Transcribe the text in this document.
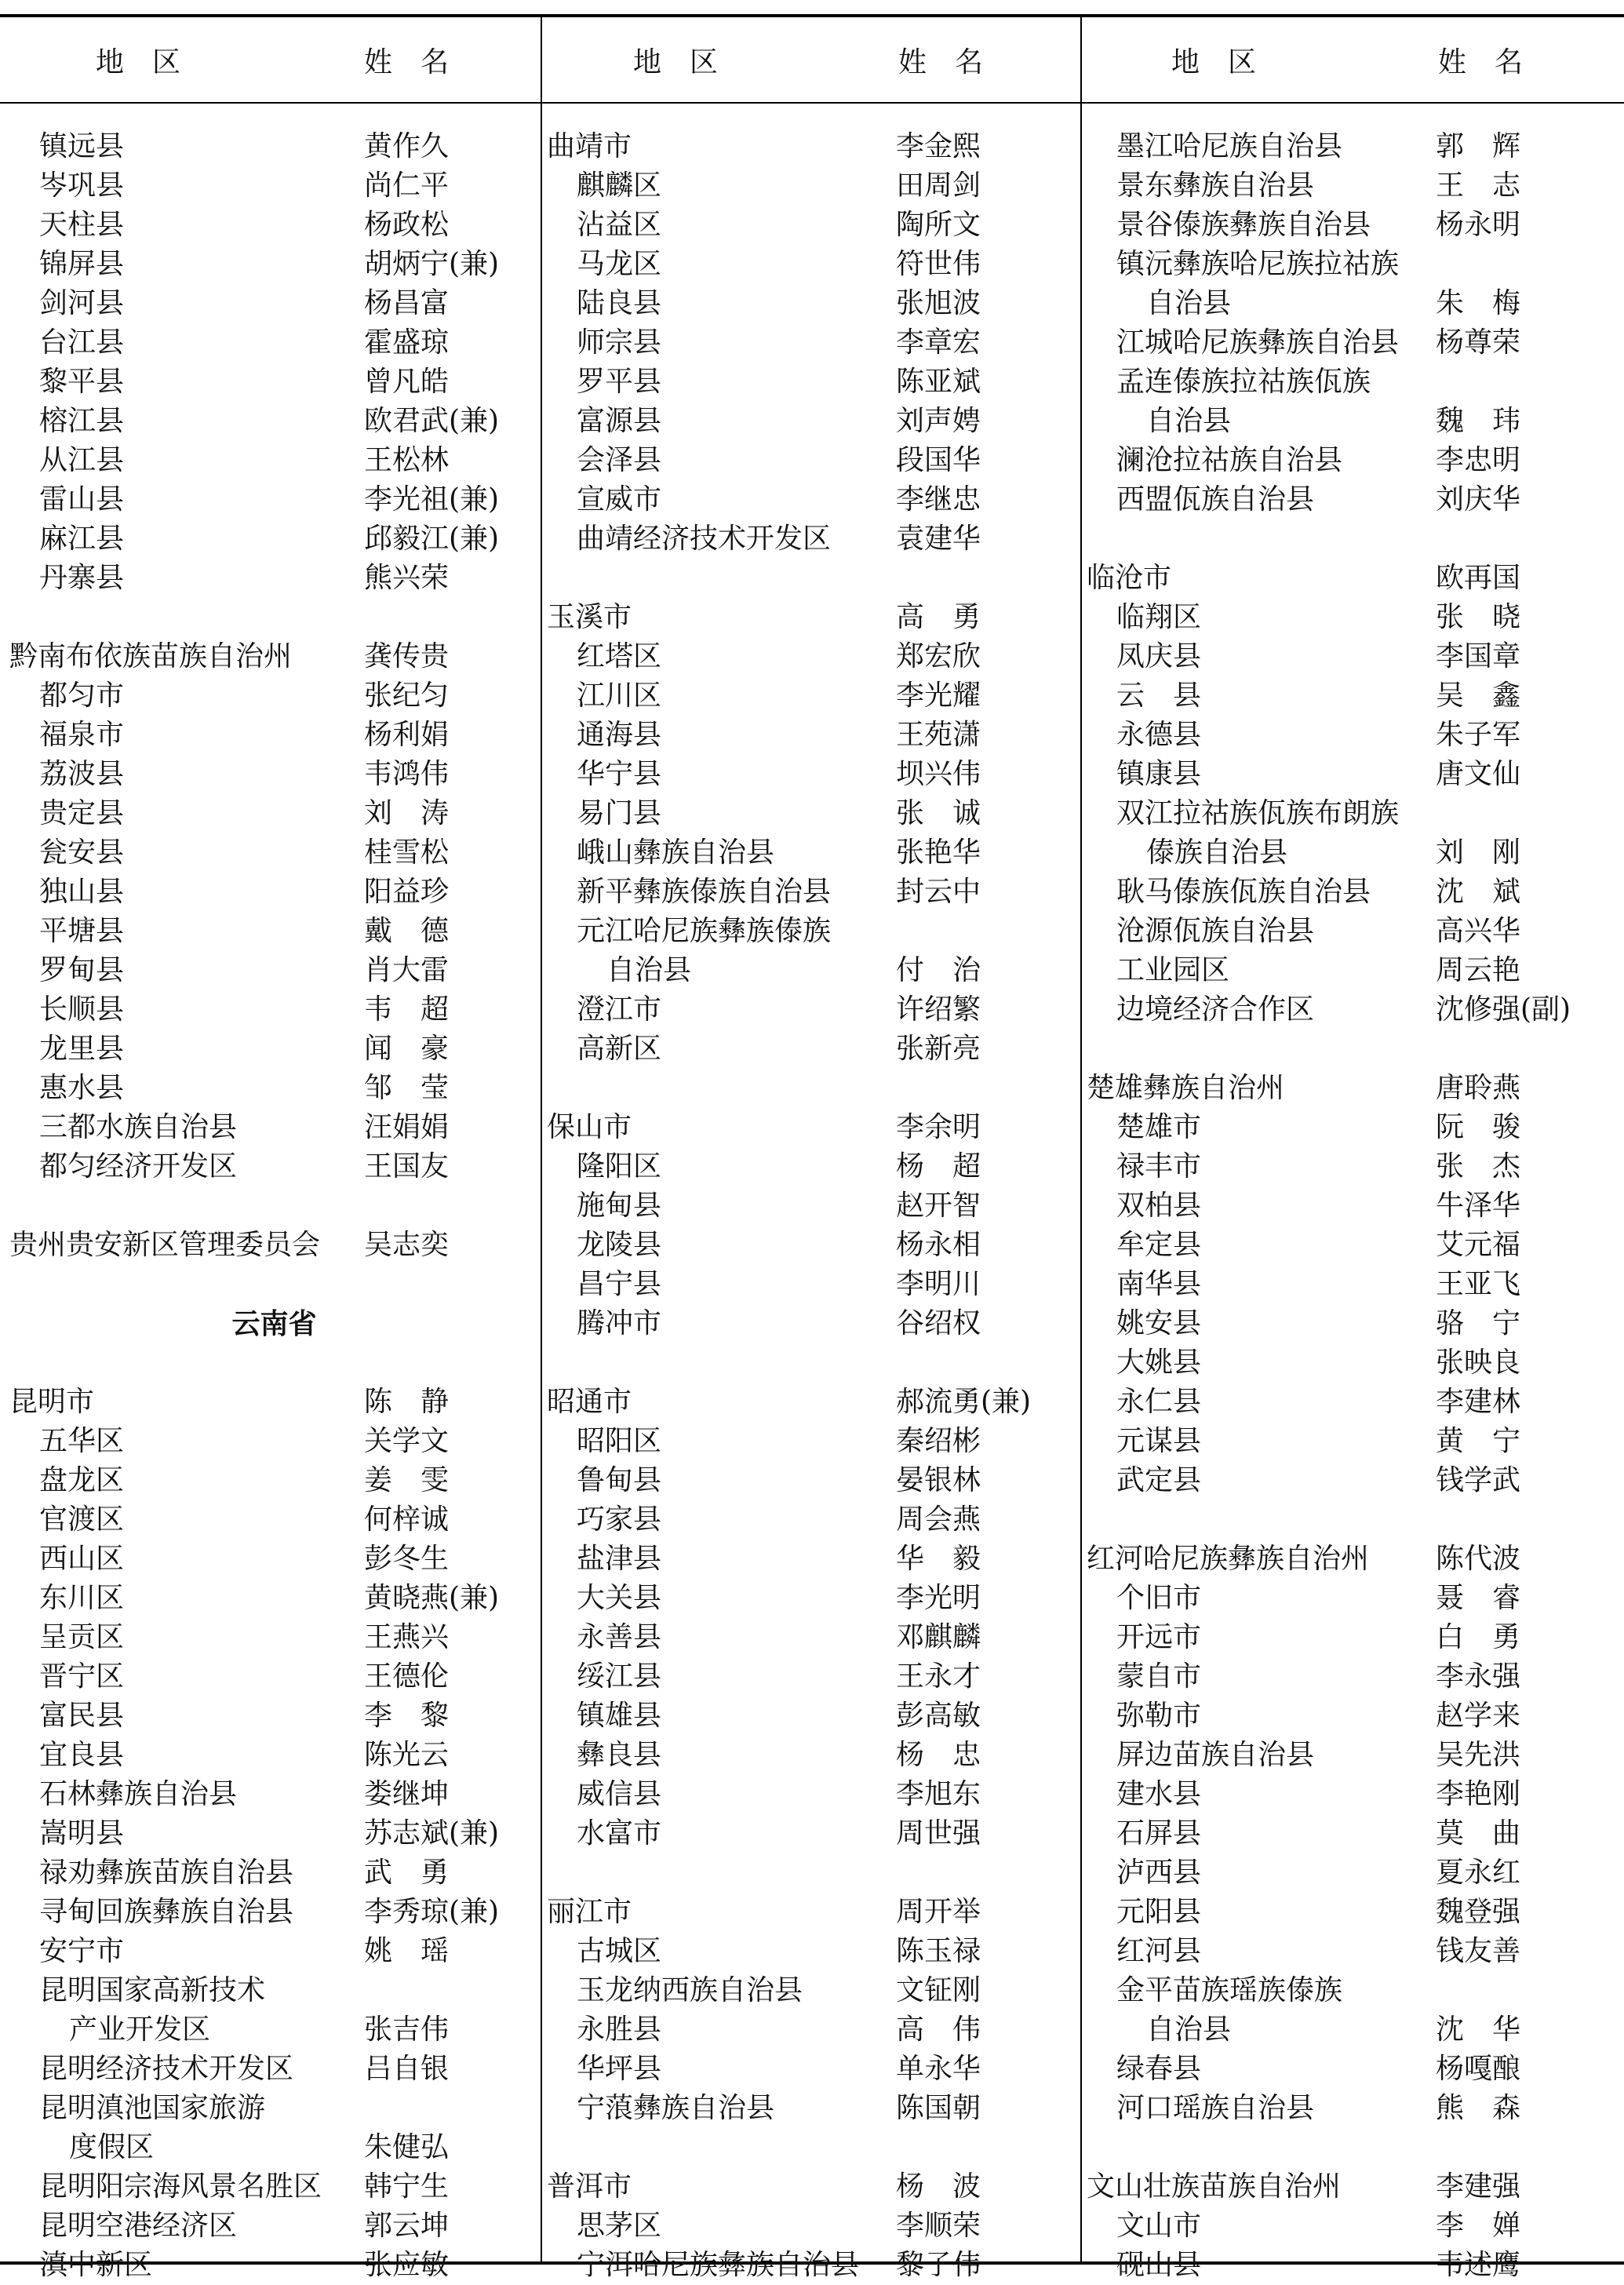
地　区	姓　名
镇远县	黄作久
岑巩县	尚仁平
天柱县	杨政松
锦屏县	胡炳宁(兼)
剑河县	杨昌富
台江县	霍盛琼
黎平县	曾凡皓
榕江县	欧君武(兼)
从江县	王松林
雷山县	李光祖(兼)
麻江县	邱毅江(兼)
丹寨县	熊兴荣
黔南布依族苗族自治州	龚传贵
都匀市	张纪匀
福泉市	杨利娟
荔波县	韦鸿伟
贵定县	刘　涛
瓮安县	桂雪松
独山县	阳益珍
平塘县	戴　德
罗甸县	肖大雷
长顺县	韦　超
龙里县	闻　豪
惠水县	邹　莹
三都水族自治县	汪娟娟
都匀经济开发区	王国友
贵州贵安新区管理委员会 吴志奕
云南省
昆明市	陈　静
五华区	关学文
盘龙区	姜　雯
官渡区	何梓诚
西山区	彭冬生
东川区	黄晓燕(兼)
呈贡区	王燕兴
晋宁区	王德伦
富民县	李　黎
宜良县	陈光云
石林彝族自治县	娄继坤
嵩明县	苏志斌(兼)
禄劝彝族苗族自治县 武　勇
寻甸回族彝族自治县 李秀琼(兼)
安宁市	姚　瑶
昆明国家高新技术
产业开发区	张吉伟
昆明经济技术开发区 吕自银
昆明滇池国家旅游
度假区	朱健弘
昆明阳宗海风景名胜区 韩宁生
昆明空港经济区	郭云坤
滇中新区	张应敏
地　区	姓　名
曲靖市	李金熙
麒麟区	田周剑
沾益区	陶所文
马龙区	符世伟
陆良县	张旭波
师宗县	李章宏
罗平县	陈亚斌
富源县	刘声娉
会泽县	段国华
宣威市	李继忠
曲靖经济技术开发区 袁建华
玉溪市	高　勇
红塔区	郑宏欣
江川区	李光耀
通海县	王苑潇
华宁县	坝兴伟
易门县	张　诚
峨山彝族自治县	张艳华
新平彝族傣族自治县 封云中
元江哈尼族彝族傣族
自治县	付　治
澄江市	许绍繁
高新区	张新亮
保山市	李余明
隆阳区	杨　超
施甸县	赵开智
龙陵县	杨永相
昌宁县	李明川
腾冲市	谷绍权
昭通市	郝流勇(兼)
昭阳区	秦绍彬
鲁甸县	晏银林
巧家县	周会燕
盐津县	华　毅
大关县	李光明
永善县	邓麒麟
绥江县	王永才
镇雄县	彭高敏
彝良县	杨　忠
威信县	李旭东
水富市	周世强
丽江市	周开举
古城区	陈玉禄
玉龙纳西族自治县	文钲刚
永胜县	高　伟
华坪县	单永华
宁蒗彝族自治县	陈国朝
普洱市	杨　波
思茅区	李顺荣
宁洱哈尼族彝族自治县 黎子伟
地　区	姓　名
墨江哈尼族自治县	郭　辉
景东彝族自治县	王　志
景谷傣族彝族自治县 杨永明
镇沅彝族哈尼族拉祜族
自治县	朱　梅
江城哈尼族彝族自治县 杨尊荣
孟连傣族拉祜族佤族
自治县	魏　玮
澜沧拉祜族自治县	李忠明
西盟佤族自治县	刘庆华
临沧市	欧再国
临翔区	张　晓
凤庆县	李国章
云　县	吴　鑫
永德县	朱子军
镇康县	唐文仙
双江拉祜族佤族布朗族
傣族自治县	刘　刚
耿马傣族佤族自治县 沈　斌
沧源佤族自治县	高兴华
工业园区	周云艳
边境经济合作区	沈修强(副)
楚雄彝族自治州	唐聆燕
楚雄市	阮　骏
禄丰市	张　杰
双柏县	牛泽华
牟定县	艾元福
南华县	王亚飞
姚安县	骆　宁
大姚县	张映良
永仁县	李建林
元谋县	黄　宁
武定县	钱学武
红河哈尼族彝族自治州 陈代波
个旧市	聂　睿
开远市	白　勇
蒙自市	李永强
弥勒市	赵学来
屏边苗族自治县	吴先洪
建水县	李艳刚
石屏县	莫　曲
泸西县	夏永红
元阳县	魏登强
红河县	钱友善
金平苗族瑶族傣族
自治县	沈　华
绿春县	杨嘎酿
河口瑶族自治县	熊　森
文山壮族苗族自治州	李建强
文山市	李　婵
砚山县	韦述鹰
